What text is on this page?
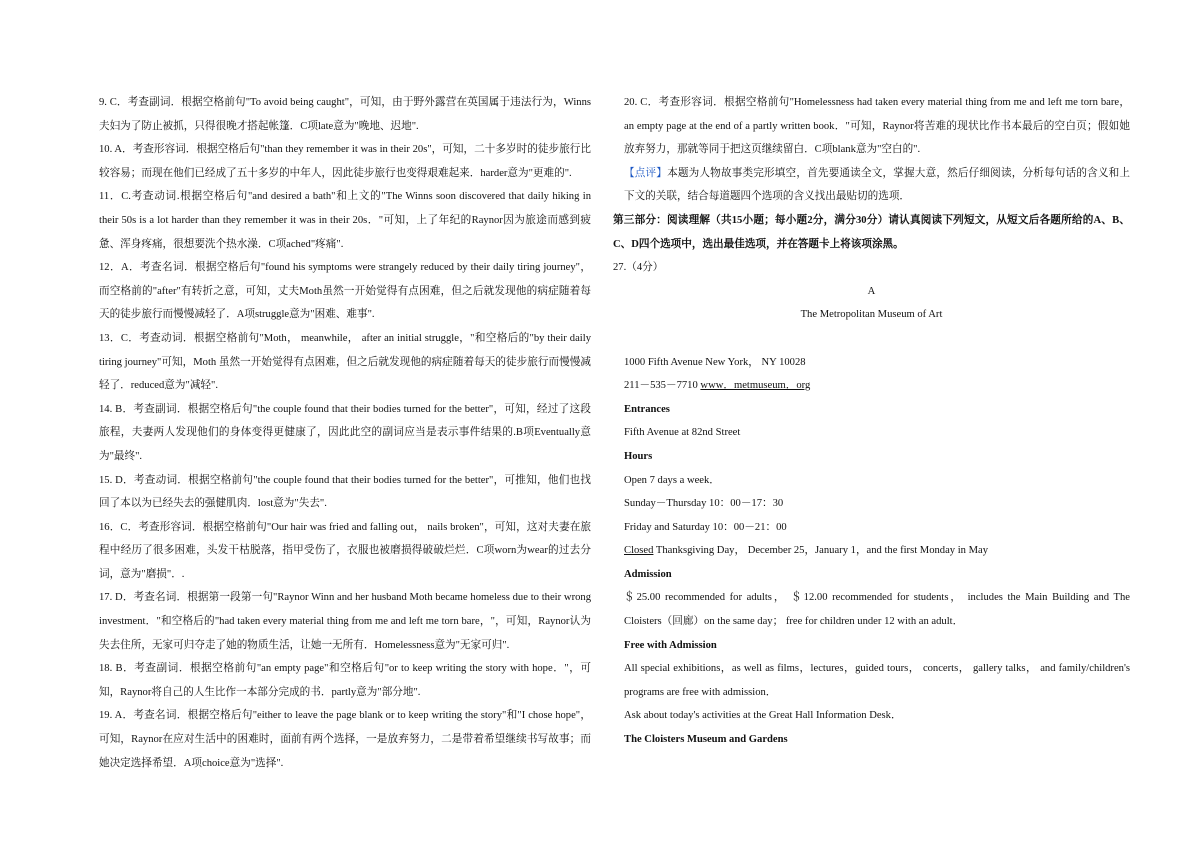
9. C．考查副词．根据空格前句"To avoid being caught"，可知，由于野外露营在英国属于违法行为，Winns夫妇为了防止被抓，只得很晚才搭起帐篷．C项late意为"晚地、迟地".

10. A．考查形容词．根据空格后句"than they remember it was in their 20s"，可知，二十多岁时的徒步旅行比较容易；而现在他们已经成了五十多岁的中年人，因此徒步旅行也变得艰难起来．harder意为"更难的".

11．C.考查动词.根据空格后句"and desired a bath"和上文的"The Winns soon discovered that daily hiking in their 50s is a lot harder than they remember it was in their 20s．"可知，上了年纪的Raynor因为旅途而感到疲惫、浑身疼痛，很想要洗个热水澡．C项ached"疼痛".

12．A．考查名词．根据空格后句"found his symptoms were strangely reduced by their daily tiring journey"，而空格前的"after"有转折之意，可知，丈夫Moth虽然一开始觉得有点困难，但之后就发现他的病症随着每天的徒步旅行而慢慢减轻了．A项struggle意为"困难、难事".

13．C．考查动词．根据空格前句"Moth， meanwhile， after an initial struggle，"和空格后的"by their daily tiring journey"可知，Moth 虽然一开始觉得有点困难，但之后就发现他的病症随着每天的徒步旅行而慢慢减轻了．reduced意为"减轻".

14. B．考查副词．根据空格后句"the couple found that their bodies turned for the better"，可知，经过了这段旅程，夫妻两人发现他们的身体变得更健康了，因此此空的副词应当是表示事件结果的.B项Eventually意为"最终".

15. D．考查动词．根据空格前句"the couple found that their bodies turned for the better"，可推知，他们也找回了本以为已经失去的强健肌肉．lost意为"失去".

16．C．考查形容词．根据空格前句"Our hair was fried and falling out， nails broken"，可知，这对夫妻在旅程中经历了很多困难，头发干枯脱落，指甲受伤了，衣服也被磨损得破破烂烂．C项worn为wear的过去分词，意为"磨损"．.

17. D．考查名词．根据第一段第一句"Raynor Winn and her husband Moth became homeless due to their wrong investment．"和空格后的"had taken every material thing from me and left me torn bare，"，可知，Raynor认为失去住所，无家可归夺走了她的物质生活，让她一无所有．Homelessness意为"无家可归".

18. B．考查副词．根据空格前句"an empty page"和空格后句"or to keep writing the story with hope．"，可知，Raynor将自己的人生比作一本部分完成的书．partly意为"部分地".

19. A．考查名词．根据空格后句"either to leave the page blank or to keep writing the story"和"I chose hope"，可知，Raynor在应对生活中的困难时，面前有两个选择，一是放弃努力，二是带着希望继续书写故事；而她决定选择希望．A项choice意为"选择".

20. C．考查形容词．根据空格前句"Homelessness had taken every material thing from me and left me torn bare，an empty page at the end of a partly written book．"可知，Raynor将苦难的现状比作书本最后的空白页；假如她放弃努力，那就等同于把这页继续留白．C项blank意为"空白的".

【点评】本题为人物故事类完形填空，首先要通读全文，掌握大意，然后仔细阅读，分析每句话的含义和上下文的关联，结合每道题四个选项的含义找出最贴切的选项．

第三部分：阅读理解（共15小题；每小题2分，满分30分）请认真阅读下列短文，从短文后各题所给的A、B、C、D四个选项中，选出最佳选项，并在答题卡上将该项涂黑。

27.（4分）

A

The Metropolitan Museum of Art

1000 Fifth Avenue New York， NY 10028

211－535－7710 www．metmuseum．org

Entrances

Fifth Avenue at 82nd Street

Hours

Open 7 days a week．

Sunday－Thursday 10：00－17：30

Friday and Saturday 10：00－21：00

Closed Thanksgiving Day， December 25，January 1，and the first Monday in May

Admission

＄25.00 recommended for adults， ＄12.00 recommended for students， includes the Main Building and The Cloisters（回廊）on the same day； free for children under 12 with an adult．

Free with Admission

All special exhibitions，as well as films，lectures，guided tours， concerts， gallery talks， and family/children's programs are free with admission．

Ask about today's activities at the Great Hall Information Desk．

The Cloisters Museum and Gardens
